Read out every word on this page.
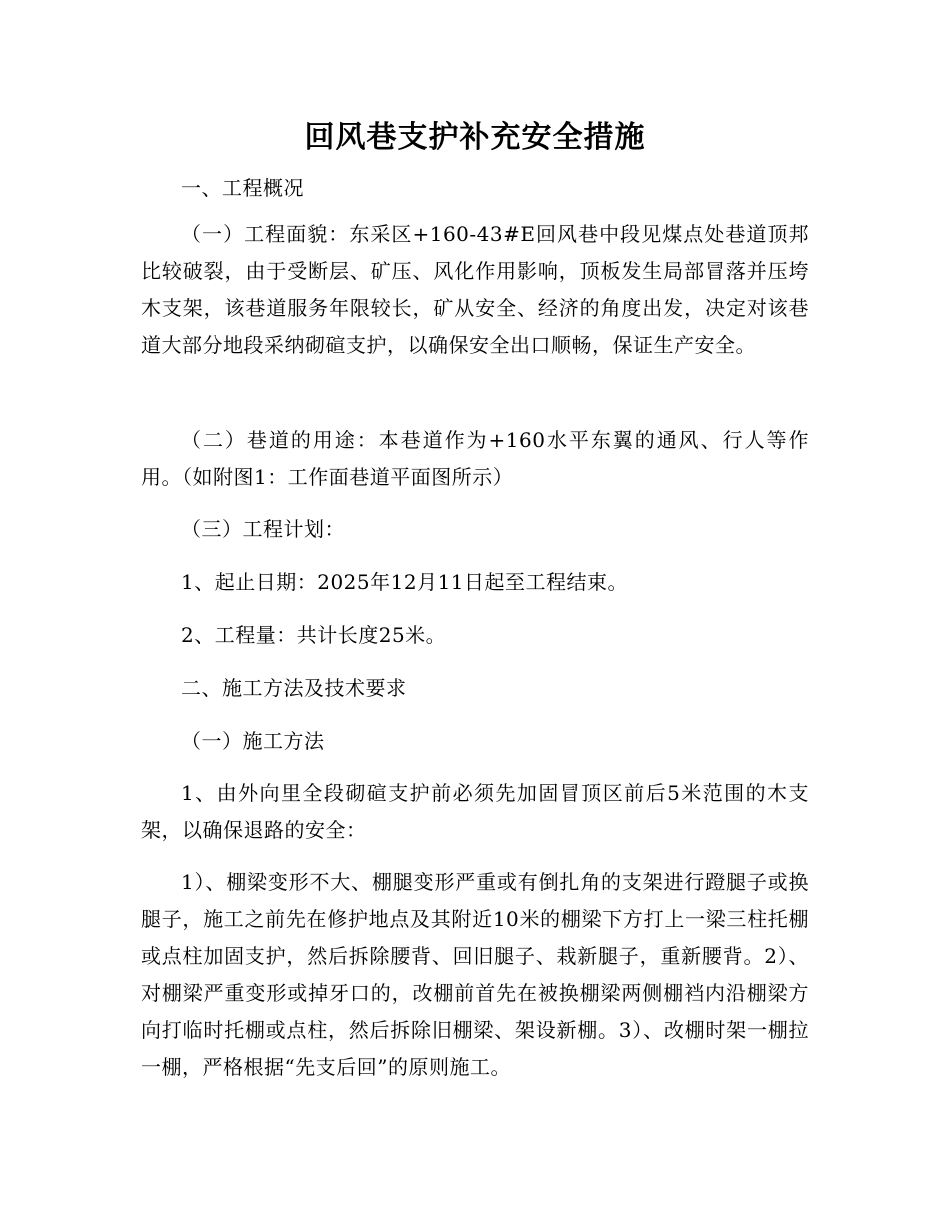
回风巷支护补充安全措施

一、工程概况

（一）工程面貌：东采区+160-43#E回风巷中段见煤点处巷道顶邦比较破裂，由于受断层、矿压、风化作用影响，顶板发生局部冒落并压垮木支架，该巷道服务年限较长，矿从安全、经济的角度出发，决定对该巷道大部分地段采纳砌碹支护，以确保安全出口顺畅，保证生产安全。

（二）巷道的用途：本巷道作为+160水平东翼的通风、行人等作用。（如附图1：工作面巷道平面图所示）

（三）工程计划：

1、起止日期：2025年12月11日起至工程结束。

2、工程量：共计长度25米。

二、施工方法及技术要求

（一）施工方法

1、由外向里全段砌碹支护前必须先加固冒顶区前后5米范围的木支架，以确保退路的安全：

1）、棚梁变形不大、棚腿变形严重或有倒扎角的支架进行蹬腿子或换腿子，施工之前先在修护地点及其附近10米的棚梁下方打上一梁三柱托棚或点柱加固支护，然后拆除腰背、回旧腿子、栽新腿子，重新腰背。2）、对棚梁严重变形或掉牙口的，改棚前首先在被换棚梁两侧棚裆内沿棚梁方向打临时托棚或点柱，然后拆除旧棚梁、架设新棚。3）、改棚时架一棚拉一棚，严格根据“先支后回”的原则施工。
